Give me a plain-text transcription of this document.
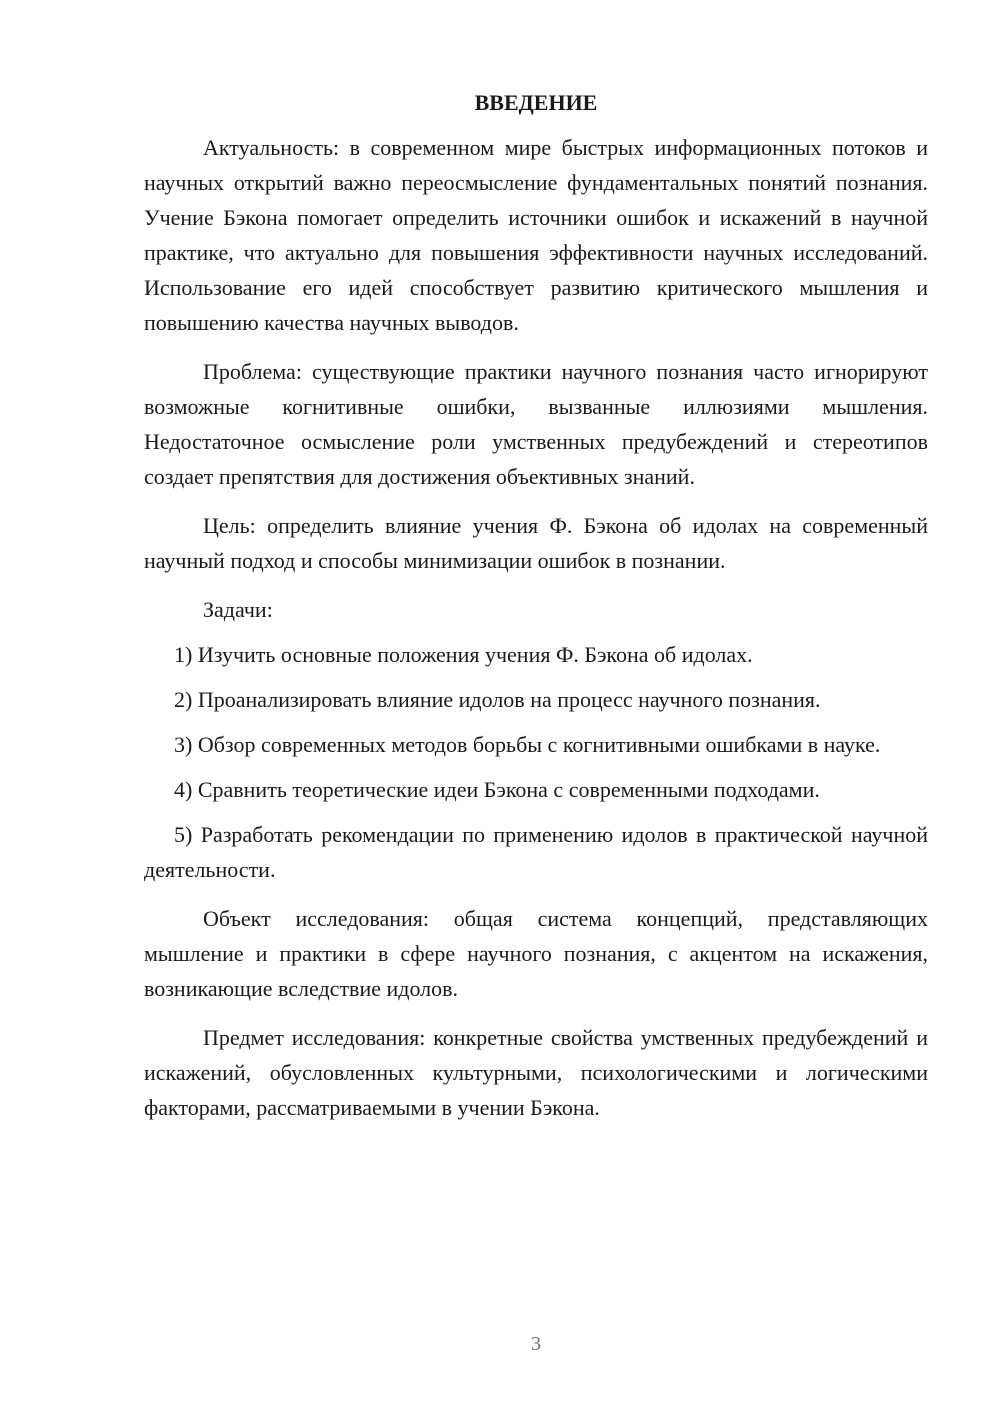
ВВЕДЕНИЕ

Актуальность: в современном мире быстрых информационных потоков и научных открытий важно переосмысление фундаментальных понятий познания. Учение Бэкона помогает определить источники ошибок и искажений в научной практике, что актуально для повышения эффективности научных исследований. Использование его идей способствует развитию критического мышления и повышению качества научных выводов.

Проблема: существующие практики научного познания часто игнорируют возможные когнитивные ошибки, вызванные иллюзиями мышления. Недостаточное осмысление роли умственных предубеждений и стереотипов создает препятствия для достижения объективных знаний.

Цель: определить влияние учения Ф. Бэкона об идолах на современный научный подход и способы минимизации ошибок в познании.

Задачи:

1) Изучить основные положения учения Ф. Бэкона об идолах.

2) Проанализировать влияние идолов на процесс научного познания.

3) Обзор современных методов борьбы с когнитивными ошибками в науке.

4) Сравнить теоретические идеи Бэкона с современными подходами.

5) Разработать рекомендации по применению идолов в практической научной деятельности.

Объект исследования: общая система концепций, представляющих мышление и практики в сфере научного познания, с акцентом на искажения, возникающие вследствие идолов.

Предмет исследования: конкретные свойства умственных предубеждений и искажений, обусловленных культурными, психологическими и логическими факторами, рассматриваемыми в учении Бэкона.

3
